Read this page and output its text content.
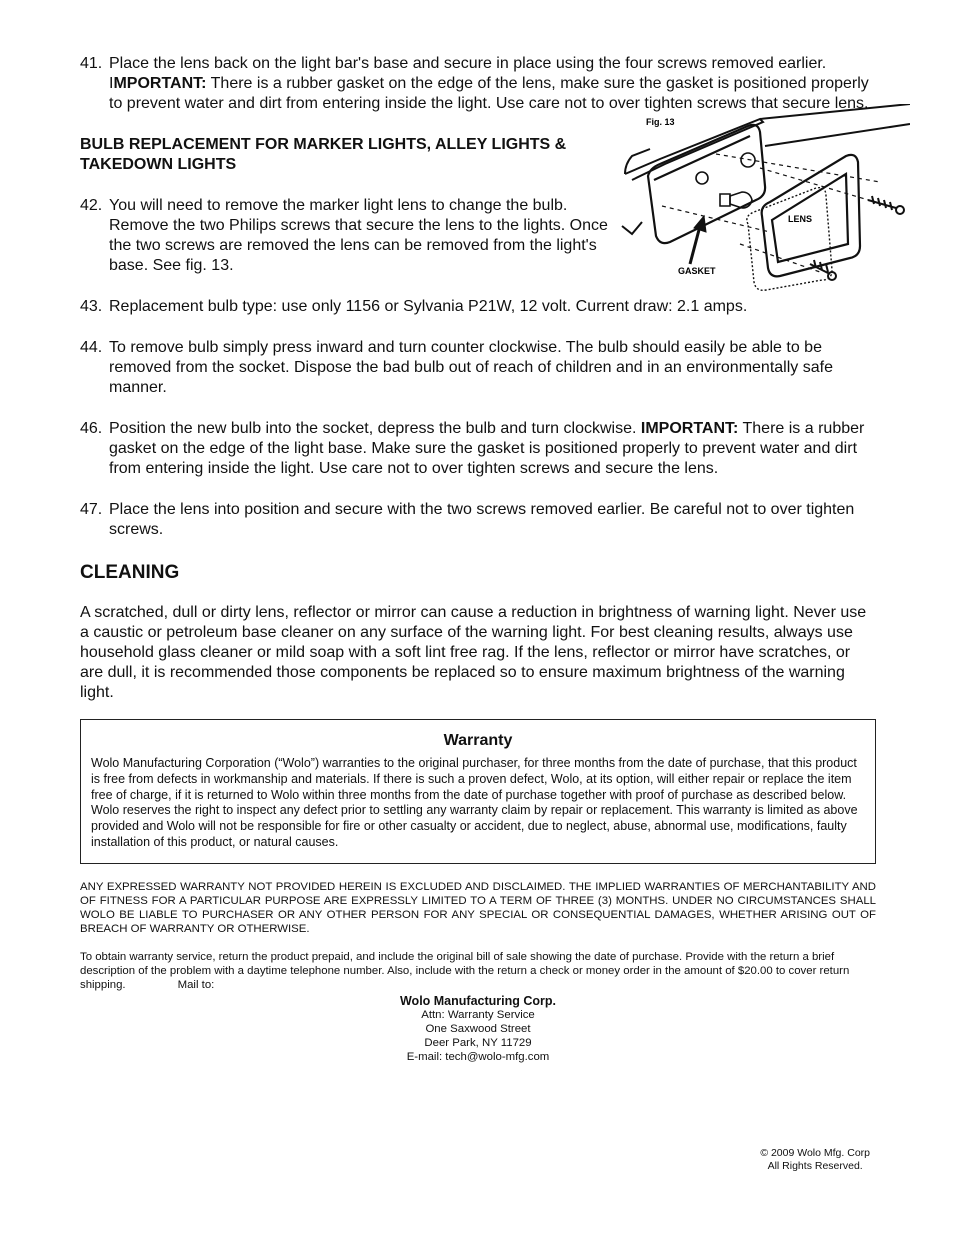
41. Place the lens back on the light bar's base and secure in place using the four screws removed earlier. IMPORTANT: There is a rubber gasket on the edge of the lens, make sure the gasket is positioned properly to prevent water and dirt from entering inside the light. Use care not to over tighten screws that secure lens.
BULB REPLACEMENT FOR MARKER LIGHTS, ALLEY LIGHTS & TAKEDOWN LIGHTS
42. You will need to remove the marker light lens to change the bulb. Remove the two Philips screws that secure the lens to the lights. Once the two screws are removed the lens can be removed from the light's base. See fig. 13.
43. Replacement bulb type: use only 1156 or Sylvania P21W, 12 volt. Current draw: 2.1 amps.
44. To remove bulb simply press inward and turn counter clockwise. The bulb should easily be able to be removed from the socket. Dispose the bad bulb out of reach of children and in an environmentally safe manner.
46. Position the new bulb into the socket, depress the bulb and turn clockwise. IMPORTANT: There is a rubber gasket on the edge of the light base. Make sure the gasket is positioned properly to prevent water and dirt from entering inside the light. Use care not to over tighten screws and secure the lens.
47. Place the lens into position and secure with the two screws removed earlier. Be careful not to over tighten screws.
CLEANING
A scratched, dull or dirty lens, reflector or mirror can cause a reduction in brightness of warning light. Never use a caustic or petroleum base cleaner on any surface of the warning light. For best cleaning results, always use household glass cleaner or mild soap with a soft lint free rag. If the lens, reflector or mirror have scratches, or are dull, it is recommended those components be replaced so to ensure maximum brightness of the warning light.
Warranty
Wolo Manufacturing Corporation (“Wolo”) warranties to the original purchaser, for three months from the date of purchase, that this product is free from defects in workmanship and materials. If there is such a proven defect, Wolo, at its option, will either repair or replace the item free of charge, if it is returned to Wolo within three months from the date of purchase together with proof of purchase as described below. Wolo reserves the right to inspect any defect prior to settling any warranty claim by repair or replacement. This warranty is limited as above provided and Wolo will not be responsible for fire or other casualty or accident, due to neglect, abuse, abnormal use, modifications, faulty installation of this product, or natural causes.
ANY EXPRESSED WARRANTY NOT PROVIDED HEREIN IS EXCLUDED AND DISCLAIMED. THE IMPLIED WARRANTIES OF MERCHANTABILITY AND OF FITNESS FOR A PARTICULAR PURPOSE ARE EXPRESSLY LIMITED TO A TERM OF THREE (3) MONTHS. UNDER NO CIRCUMSTANCES SHALL WOLO BE LIABLE TO PURCHASER OR ANY OTHER PERSON FOR ANY SPECIAL OR CONSEQUENTIAL DAMAGES, WHETHER ARISING OUT OF BREACH OF WARRANTY OR OTHERWISE.
To obtain warranty service, return the product prepaid, and include the original bill of sale showing the date of purchase. Provide with the return a brief description of the problem with a daytime telephone number. Also, include with the return a check or money order in the amount of $20.00 to cover return shipping.	Mail to:
Wolo Manufacturing Corp.
Attn: Warranty Service
One Saxwood Street
Deer Park, NY 11729
E-mail: tech@wolo-mfg.com
© 2009 Wolo Mfg. Corp
All Rights Reserved.
Fig. 13
LENS
GASKET
